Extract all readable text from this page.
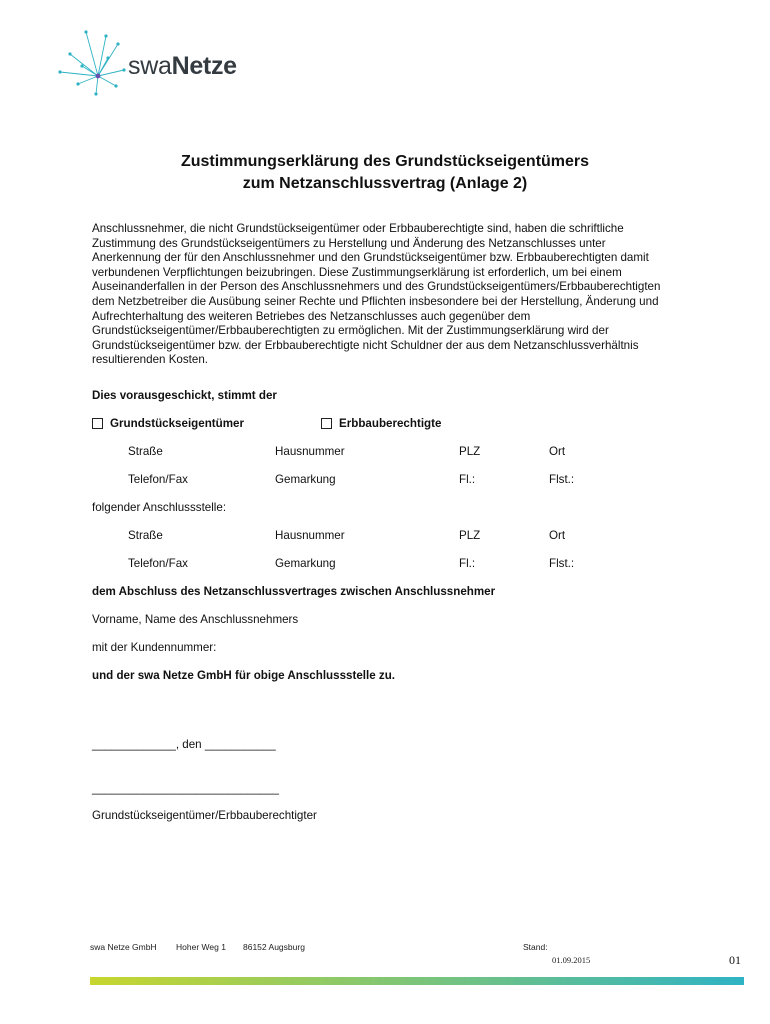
swaNetze
Zustimmungserklärung des Grundstückseigentümers
zum Netzanschlussvertrag (Anlage 2)
Anschlussnehmer, die nicht Grundstückseigentümer oder Erbbauberechtigte sind, haben die schriftliche Zustimmung des Grundstückseigentümers zu Herstellung und Änderung des Netzanschlusses unter Anerkennung der für den Anschlussnehmer und den Grundstückseigentümer bzw. Erbbauberechtigten damit verbundenen Verpflichtungen beizubringen. Diese Zustimmungserklärung ist erforderlich, um bei einem Auseinanderfallen in der Person des Anschlussnehmers und des Grundstückseigentümers/Erbbauberechtigten dem Netzbetreiber die Ausübung seiner Rechte und Pflichten insbesondere bei der Herstellung, Änderung und Aufrechterhaltung des weiteren Betriebes des Netzanschlusses auch gegenüber dem Grundstückseigentümer/Erbbauberechtigten zu ermöglichen. Mit der Zustimmungserklärung wird der Grundstückseigentümer bzw. der Erbbauberechtigte nicht Schuldner der aus dem Netzanschlussverhältnis resultierenden Kosten.
Dies vorausgeschickt, stimmt der
Grundstückseigentümer	Erbbauberechtigte
Straße	Hausnummer	PLZ	Ort
Telefon/Fax	Gemarkung	Fl.:	Flst.:
folgender Anschlussstelle:
Straße	Hausnummer	PLZ	Ort
Telefon/Fax	Gemarkung	Fl.:	Flst.:
dem Abschluss des Netzanschlussvertrages zwischen Anschlussnehmer
Vorname, Name des Anschlussnehmers
mit der Kundennummer:
und der swa Netze GmbH für obige Anschlussstelle zu.
_____________, den ___________
_____________________________
Grundstückseigentümer/Erbbauberechtigter
swa Netze GmbH Hoher Weg 1 86152 Augsburg	Stand:
01.09.2015	01
